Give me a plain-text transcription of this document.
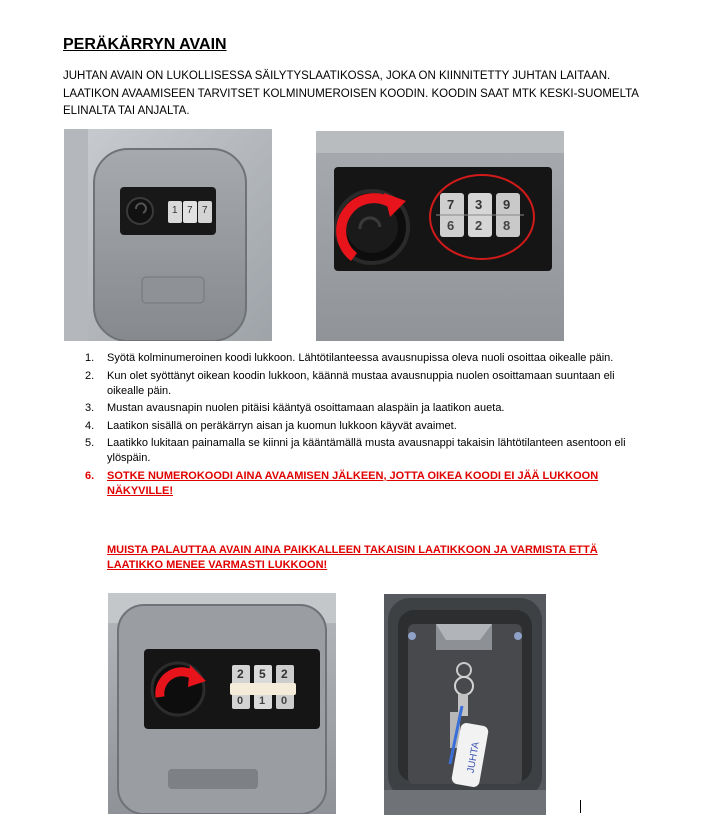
PERÄKÄRRYN AVAIN
JUHTAN AVAIN ON LUKOLLISESSA SÄILYTYSLAATIKOSSA, JOKA ON KIINNITETTY JUHTAN LAITAAN. LAATIKON AVAAMISEEN TARVITSET KOLMINUMEROISEN KOODIN. KOODIN SAAT MTK KESKI-SUOMELTA ELINALTA TAI ANJALTA.
1 7 7	7 3 9
6 2 8
1. Syötä kolminumeroinen koodi lukkoon. Lähtötilanteessa avausnupissa oleva nuoli osoittaa oikealle päin.
2. Kun olet syöttänyt oikean koodin lukkoon, käännä mustaa avausnuppia nuolen osoittamaan suuntaan eli oikealle päin.
3. Mustan avausnapin nuolen pitäisi kääntyä osoittamaan alaspäin ja laatikon aueta.
4. Laatikon sisällä on peräkärryn aisan ja kuomun lukkoon käyvät avaimet.
5. Laatikko lukitaan painamalla se kiinni ja kääntämällä musta avausnappi takaisin lähtötilanteen asentoon eli ylöspäin.
6. SOTKE NUMEROKOODI AINA AVAAMISEN JÄLKEEN, JOTTA OIKEA KOODI EI JÄÄ LUKKOON NÄKYVILLE!
MUISTA PALAUTTAA AVAIN AINA PAIKKALLEEN TAKAISIN LAATIKKOON JA VARMISTA ETTÄ LAATIKKO MENEE VARMASTI LUKKOON!
2 5 2
0 1 0
JUHTA
